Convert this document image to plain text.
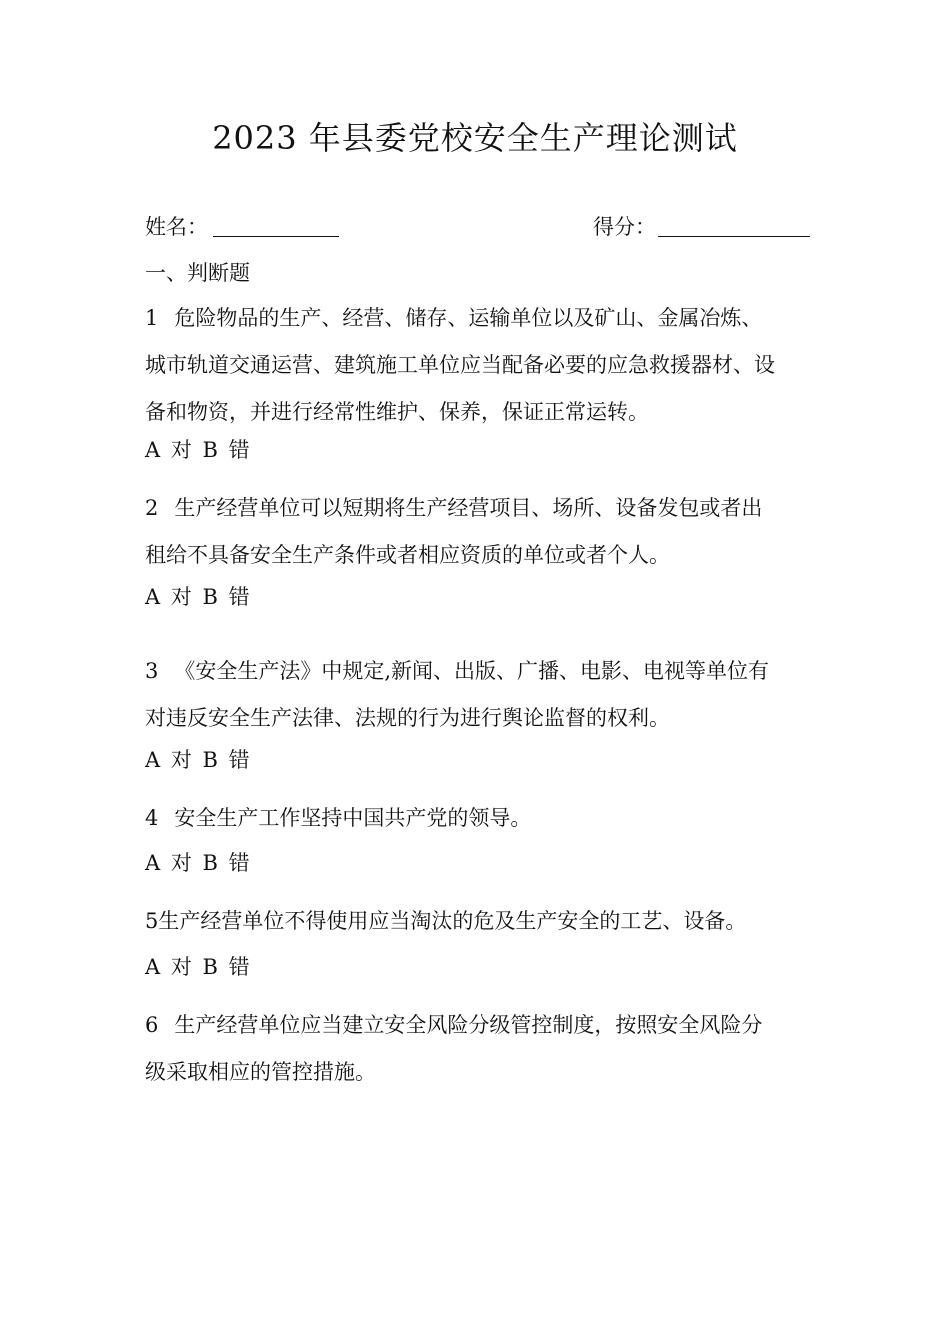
2023 年县委党校安全生产理论测试
姓名：	得分：
一、判断题
1 危险物品的生产、经营、储存、运输单位以及矿山、金属冶炼、
城市轨道交通运营、建筑施工单位应当配备必要的应急救援器材、设
备和物资，并进行经常性维护、保养，保证正常运转。
A 对 B 错
2 生产经营单位可以短期将生产经营项目、场所、设备发包或者出
租给不具备安全生产条件或者相应资质的单位或者个人。
A 对 B 错
3 《安全生产法》中规定,新闻、出版、广播、电影、电视等单位有
对违反安全生产法律、法规的行为进行舆论监督的权利。
A 对 B 错
4 安全生产工作坚持中国共产党的领导。
A 对 B 错
5生产经营单位不得使用应当淘汰的危及生产安全的工艺、设备。
A 对 B 错
6 生产经营单位应当建立安全风险分级管控制度，按照安全风险分
级采取相应的管控措施。
